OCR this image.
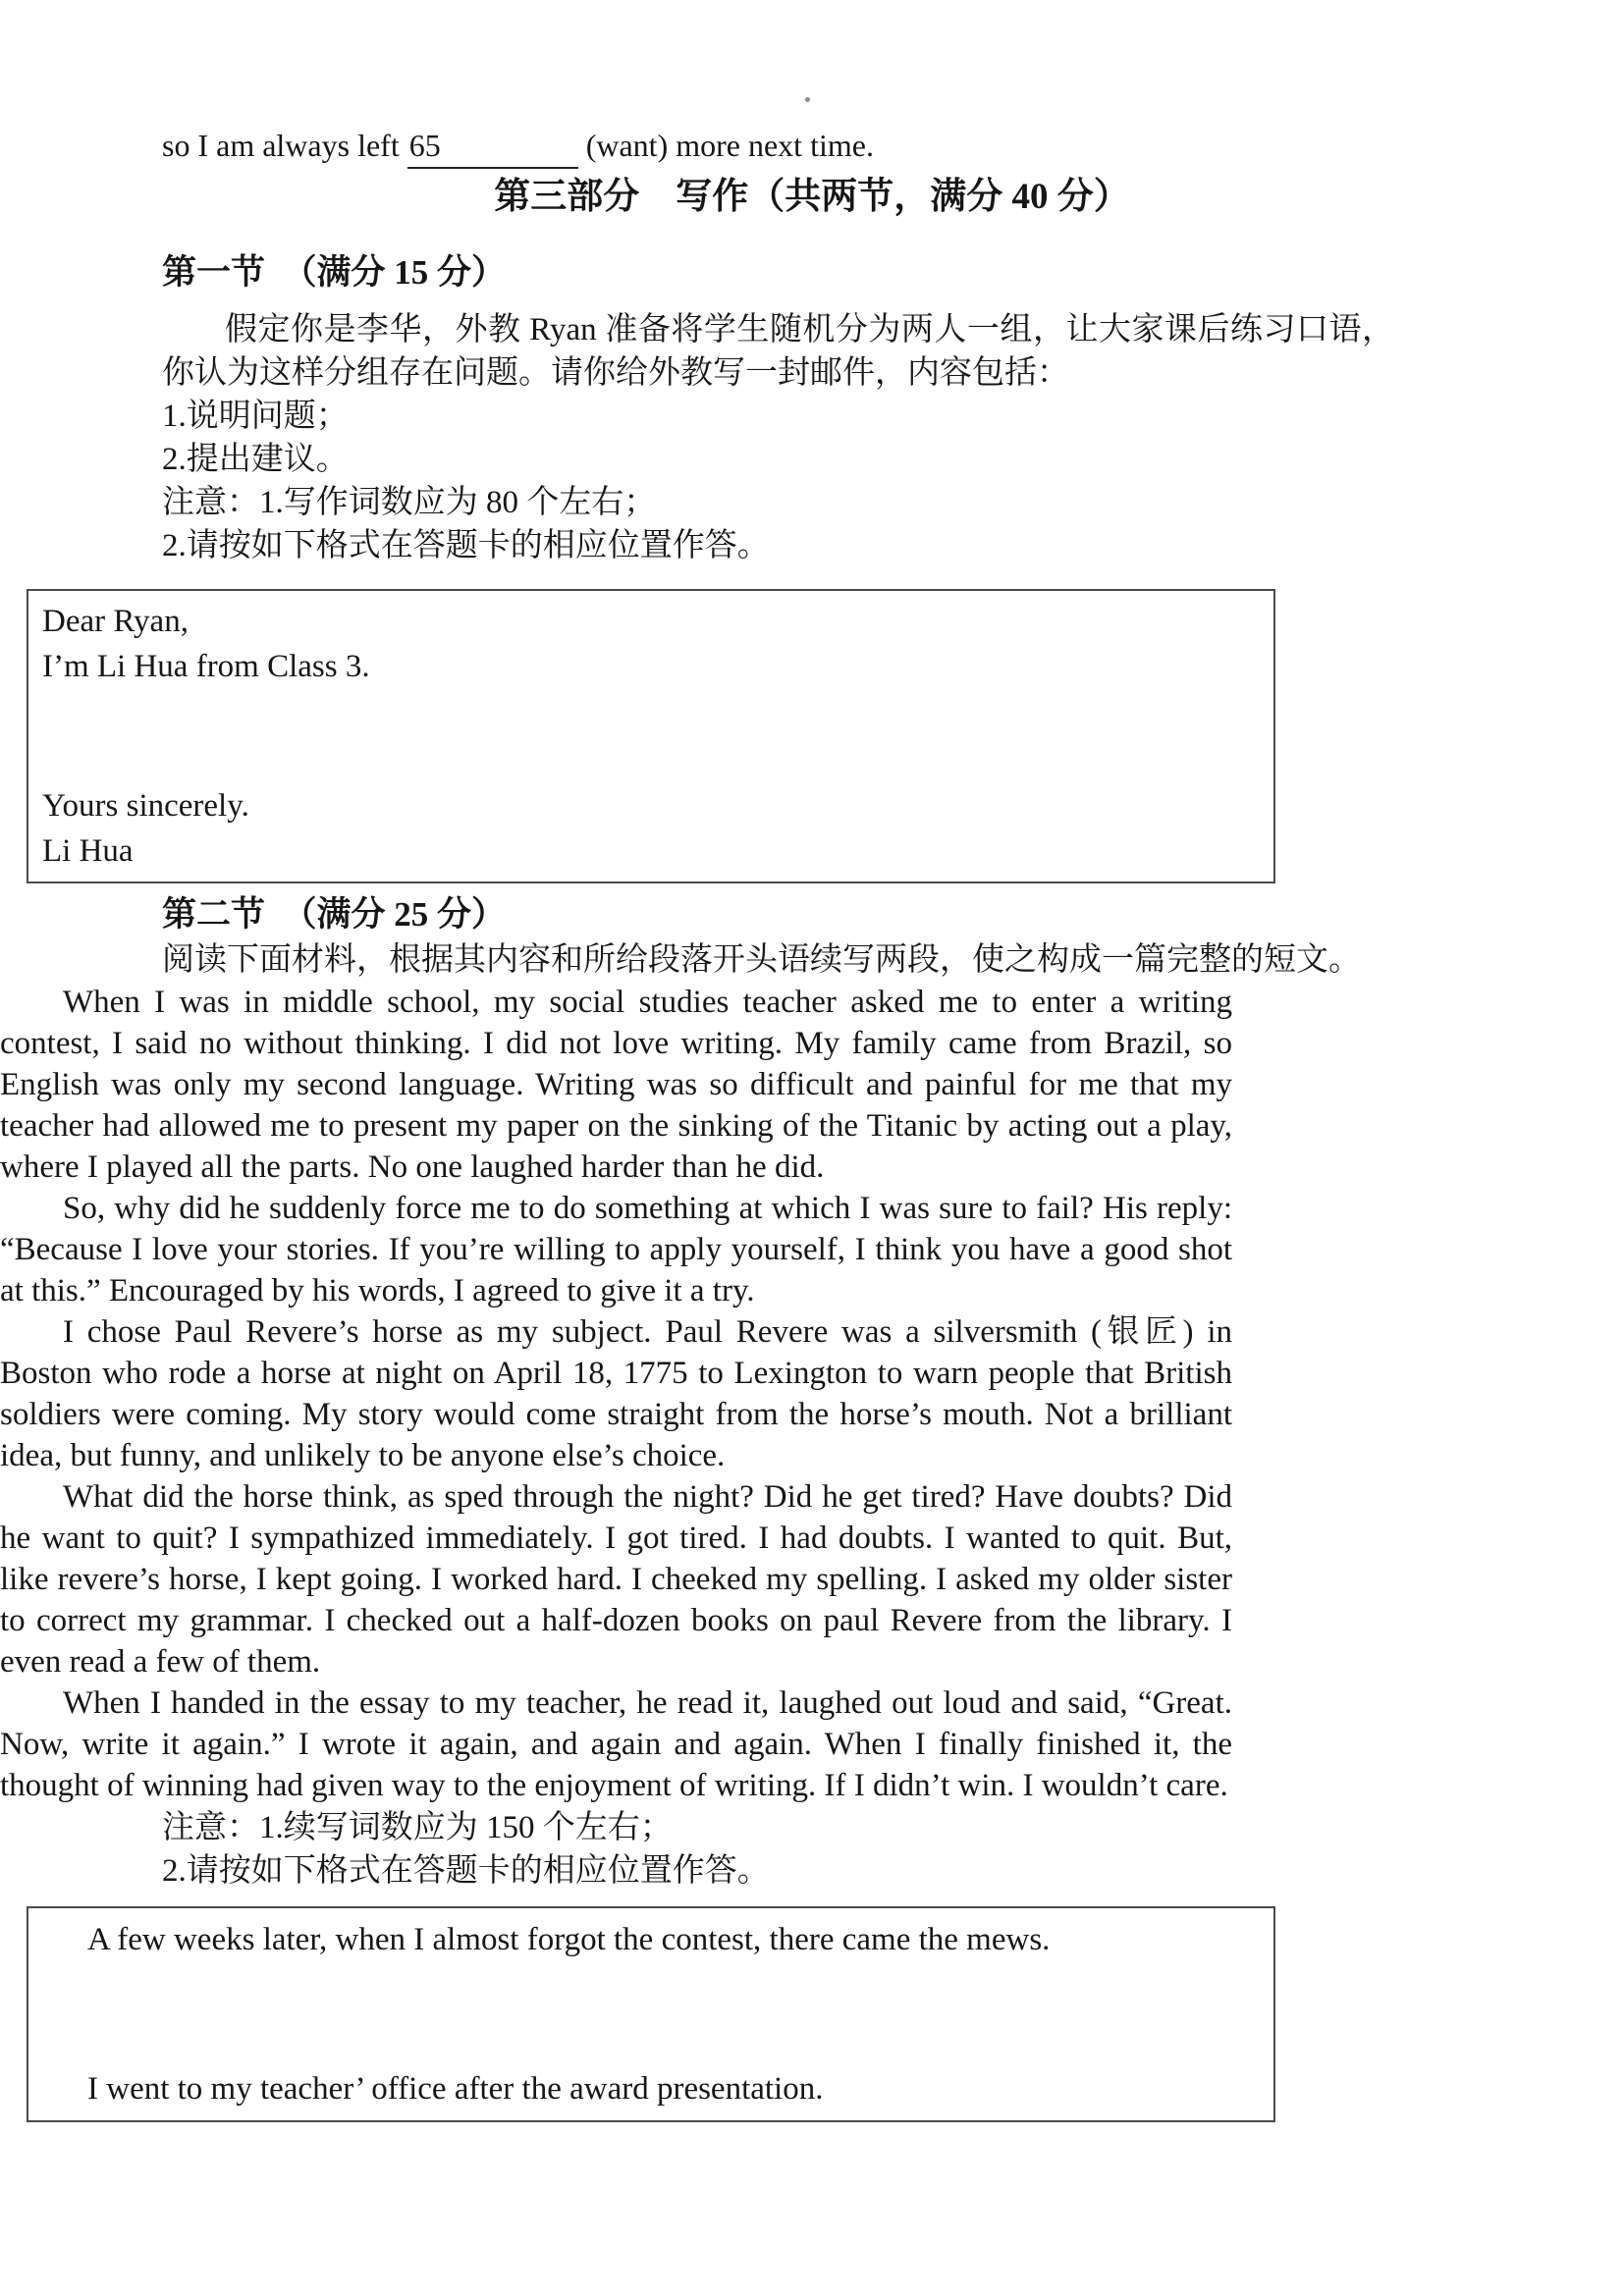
so I am always left 65	(want) more next time.
第三部分　写作（共两节，满分 40 分）
第一节　（满分 15 分）
假定你是李华，外教 Ryan 准备将学生随机分为两人一组，让大家课后练习口语，你认为这样分组存在问题。请你给外教写一封邮件，内容包括：
1.说明问题；
2.提出建议。
注意：1.写作词数应为 80 个左右；
2.请按如下格式在答题卡的相应位置作答。
Dear Ryan,
I’m Li Hua from Class 3.
Yours sincerely.
Li Hua
第二节　（满分 25 分）
阅读下面材料，根据其内容和所给段落开头语续写两段，使之构成一篇完整的短文。
When I was in middle school, my social studies teacher asked me to enter a writing contest, I said no without thinking. I did not love writing. My family came from Brazil, so English was only my second language. Writing was so difficult and painful for me that my teacher had allowed me to present my paper on the sinking of the Titanic by acting out a play, where I played all the parts. No one laughed harder than he did.
So, why did he suddenly force me to do something at which I was sure to fail? His reply: “Because I love your stories. If you’re willing to apply yourself, I think you have a good shot at this.” Encouraged by his words, I agreed to give it a try.
I chose Paul Revere’s horse as my subject. Paul Revere was a silversmith (银匠) in Boston who rode a horse at night on April 18, 1775 to Lexington to warn people that British soldiers were coming. My story would come straight from the horse’s mouth. Not a brilliant idea, but funny, and unlikely to be anyone else’s choice.
What did the horse think, as sped through the night? Did he get tired? Have doubts? Did he want to quit? I sympathized immediately. I got tired. I had doubts. I wanted to quit. But, like revere’s horse, I kept going. I worked hard. I cheeked my spelling. I asked my older sister to correct my grammar. I checked out a half-dozen books on paul Revere from the library. I even read a few of them.
When I handed in the essay to my teacher, he read it, laughed out loud and said, “Great. Now, write it again.” I wrote it again, and again and again. When I finally finished it, the thought of winning had given way to the enjoyment of writing. If I didn’t win. I wouldn’t care.
注意：1.续写词数应为 150 个左右；
2.请按如下格式在答题卡的相应位置作答。
A few weeks later, when I almost forgot the contest, there came the mews.
I went to my teacher’ office after the award presentation.
